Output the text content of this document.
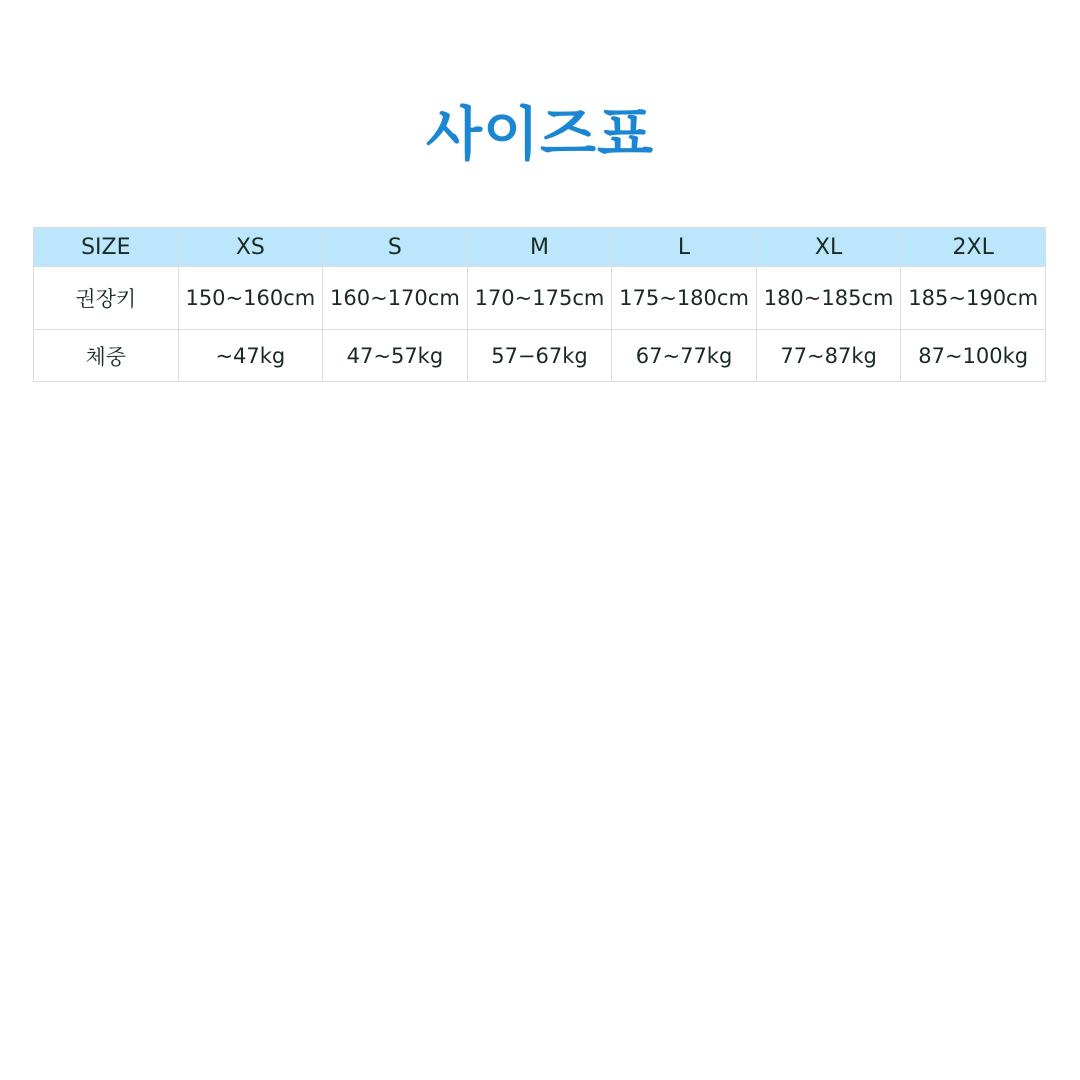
사이즈표
SIZE	XS	S	M	L	XL	2XL
권장키	150~160cm	160~170cm	170~175cm	175~180cm	180~185cm	185~190cm
체중	~47kg	47~57kg	57−67kg	67~77kg	77~87kg	87~100kg
